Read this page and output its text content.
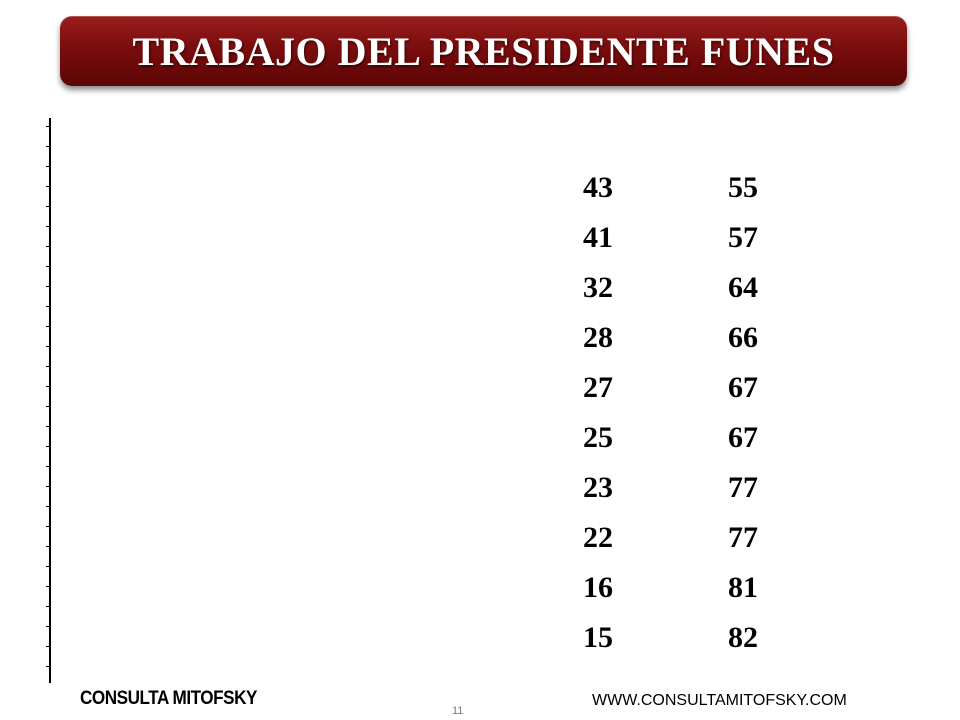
TRABAJO DEL PRESIDENTE FUNES
43
41
32
28
27
25
23
22
16
15
55
57
64
66
67
67
77
77
81
82
CONSULTA MITOFSKY
11
WWW.CONSULTAMITOFSKY.COM
